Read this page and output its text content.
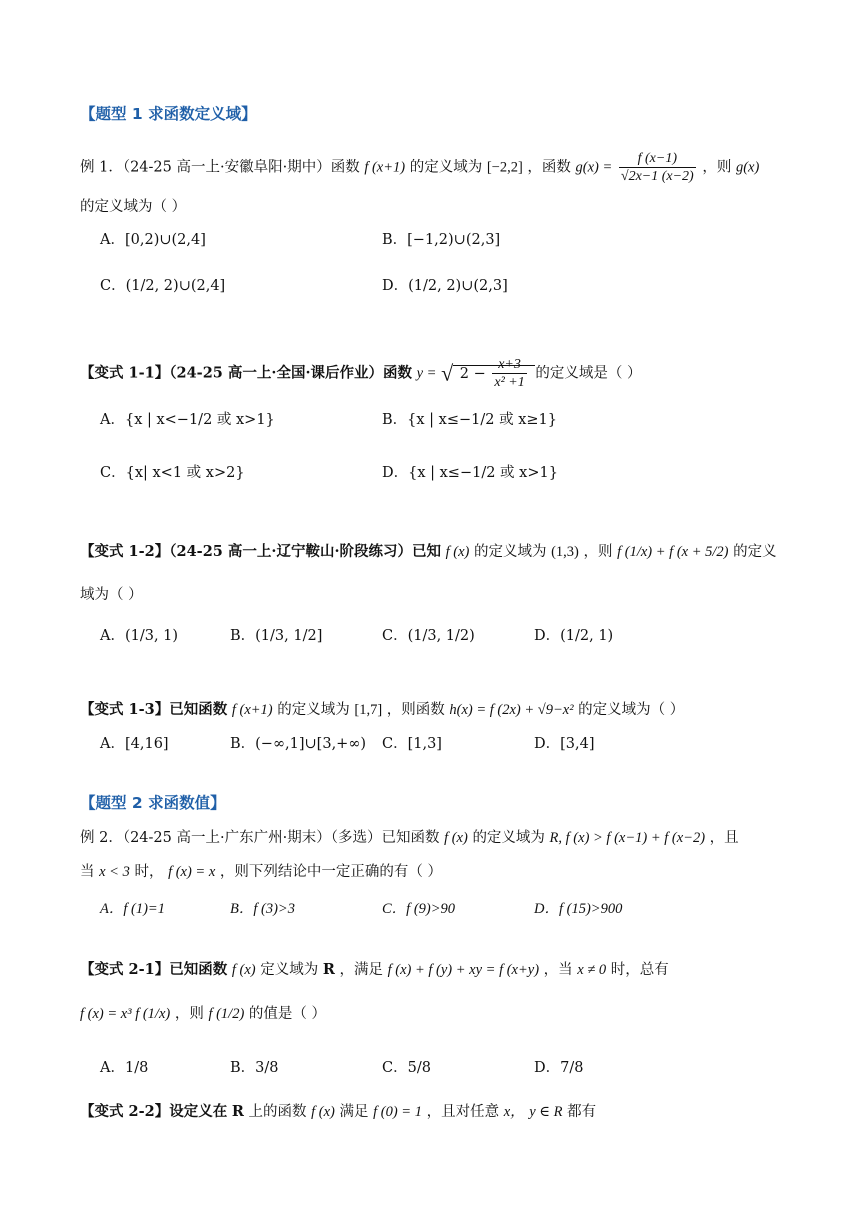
【题型 1 求函数定义域】
例 1．（24-25 高一上·安徽阜阳·期中）函数 f (x+1) 的定义域为 [−2,2] ，函数 $g(x) = \frac{f (x-1)}{√2x-1 (x-2)}$ ，则 g(x)
的定义域为（ ）
A．[0,2)∪(2,4]	B．[−1,2)∪(2,3]
C．(1/2, 2)∪(2,4]	D．(1/2, 2)∪(2,3]
【变式 1-1】（24-25 高一上·全国·课后作业）函数 y = √ $2 - \frac{x+3}{\text{x² +1}}$ 的定义域是（ ）
A．{x | x<−1/2 或 x>1}	B．{x | x≤−1/2 或 x≥1}
C．{x| x<1 或 x>2}	D．{x | x≤−1/2 或 x>1}
【变式 1-2】（24-25 高一上·辽宁鞍山·阶段练习）已知 f (x) 的定义域为 (1,3) ，则 f (1/x) + f (x + 5/2) 的定义
域为（ ）
A．(1/3, 1)	B．(1/3, 1/2]	C．(1/3, 1/2)	D．(1/2, 1)
【变式 1-3】已知函数 f (x+1) 的定义域为 [1,7] ，则函数 h(x) = f (2x) + √9−x² 的定义域为（ ）
A．[4,16]	B．(−∞,1]∪[3,+∞) C．[1,3]	D．[3,4]
【题型 2 求函数值】
例 2．（24-25 高一上·广东广州·期末）（多选）已知函数 f (x) 的定义域为 R, f (x) > f (x−1) + f (x−2) ，且
当 x < 3 时， f (x) = x ，则下列结论中一定正确的有（ ）
A．f (1)=1	B．f (3)>3	C．f (9)>90	D．f (15)>900
【变式 2-1】已知函数 f (x) 定义域为 R ，满足 f (x) + f (y) + xy = f (x+y) ，当 x ≠ 0 时，总有
f (x) = x³ f (1/x) ，则 f (1/2) 的值是（ ）
A．1/8	B．3/8	C．5/8	D．7/8
【变式 2-2】设定义在 R 上的函数 f (x) 满足 f (0) = 1 ，且对任意 x， y ∈ R 都有
